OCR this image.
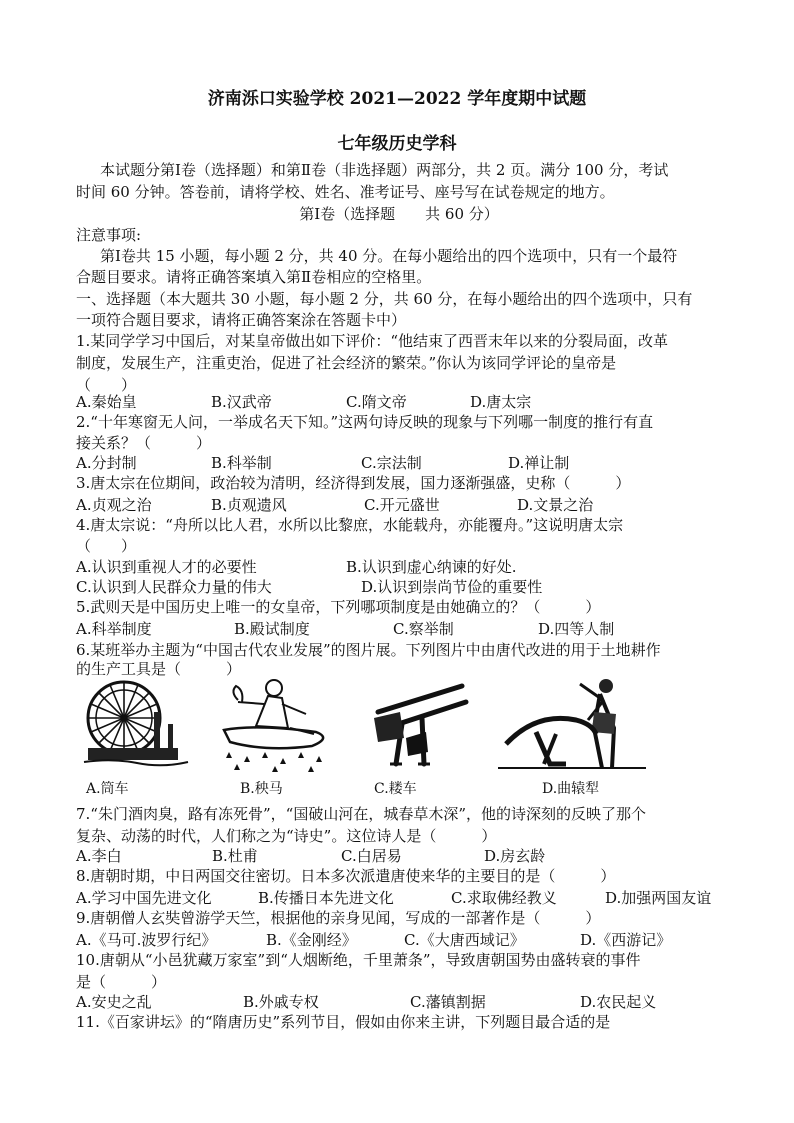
济南泺口实验学校 2021—2022 学年度期中试题
七年级历史学科
本试题分第Ⅰ卷（选择题）和第Ⅱ卷（非选择题）两部分，共 2 页。满分 100 分，考试
时间 60 分钟。答卷前，请将学校、姓名、准考证号、座号写在试卷规定的地方。
第Ⅰ卷（选择题　　共 60 分）
注意事项:
第Ⅰ卷共 15 小题，每小题 2 分，共 40 分。在每小题给出的四个选项中，只有一个最符
合题目要求。请将正确答案填入第Ⅱ卷相应的空格里。
一、选择题（本大题共 30 小题，每小题 2 分，共 60 分，在每小题给出的四个选项中，只有
一项符合题目要求，请将正确答案涂在答题卡中）
1.某同学学习中国后，对某皇帝做出如下评价：“他结束了西晋末年以来的分裂局面，改革
制度，发展生产，注重吏治，促进了社会经济的繁荣。”你认为该同学评论的皇帝是
（　　）
A.秦始皇	B.汉武帝	C.隋文帝	D.唐太宗
2.“十年寒窗无人问，一举成名天下知。”这两句诗反映的现象与下列哪一制度的推行有直
接关系？（　　　）
A.分封制	B.科举制	C.宗法制	D.禅让制
3.唐太宗在位期间，政治较为清明，经济得到发展，国力逐渐强盛，史称（　　　）
A.贞观之治	B.贞观遗风	C.开元盛世	D.文景之治
4.唐太宗说：“舟所以比人君，水所以比黎庶，水能载舟，亦能覆舟。”这说明唐太宗
（　　）
A.认识到重视人才的必要性	B.认识到虚心纳谏的好处.
C.认识到人民群众力量的伟大	D.认识到崇尚节俭的重要性
5.武则天是中国历史上唯一的女皇帝，下列哪项制度是由她确立的？（　　　）
A.科举制度	B.殿试制度	C.察举制	D.四等人制
6.某班举办主题为“中国古代农业发展”的图片展。下列图片中由唐代改进的用于土地耕作
的生产工具是（　　　）
A.筒车	B.秧马	C.耧车	D.曲辕犁
7.“朱门酒肉臭，路有冻死骨”，“国破山河在，城春草木深”，他的诗深刻的反映了那个
复杂、动荡的时代，人们称之为“诗史”。这位诗人是（　　　）
A.李白	B.杜甫	C.白居易	D.房玄龄
8.唐朝时期，中日两国交往密切。日本多次派遣唐使来华的主要目的是（　　　）
A.学习中国先进文化	B.传播日本先进文化	C.求取佛经教义	D.加强两国友谊
9.唐朝僧人玄奘曾游学天竺，根据他的亲身见闻，写成的一部著作是（　　　）
A.《马可.波罗行纪》	B.《金刚经》	C.《大唐西域记》	D.《西游记》
10.唐朝从“小邑犹藏万家室”到“人烟断绝，千里萧条”，导致唐朝国势由盛转衰的事件
是（　　　）
A.安史之乱	B.外戚专权	C.藩镇割据	D.农民起义
11.《百家讲坛》的“隋唐历史”系列节目，假如由你来主讲，下列题目最合适的是
